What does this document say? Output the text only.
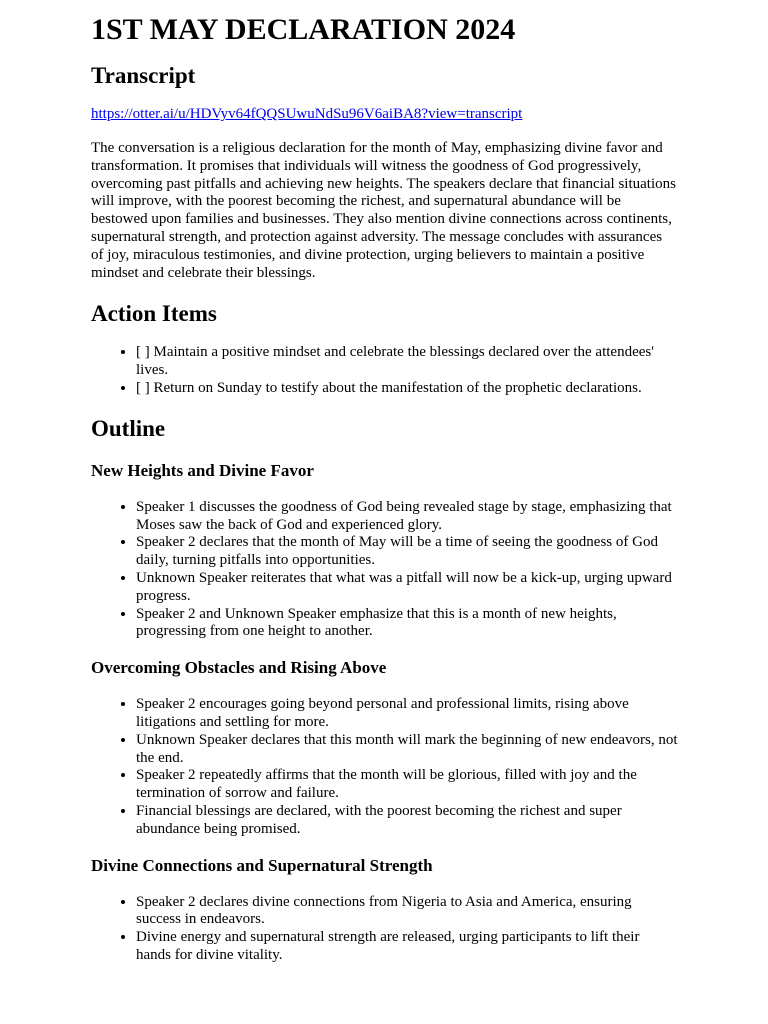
1ST MAY DECLARATION 2024
Transcript
https://otter.ai/u/HDVyv64fQQSUwuNdSu96V6aiBA8?view=transcript

The conversation is a religious declaration for the month of May, emphasizing divine favor and transformation. It promises that individuals will witness the goodness of God progressively, overcoming past pitfalls and achieving new heights. The speakers declare that financial situations will improve, with the poorest becoming the richest, and supernatural abundance will be bestowed upon families and businesses. They also mention divine connections across continents, supernatural strength, and protection against adversity. The message concludes with assurances of joy, miraculous testimonies, and divine protection, urging believers to maintain a positive mindset and celebrate their blessings.

Action Items
• [ ] Maintain a positive mindset and celebrate the blessings declared over the attendees' lives.
• [ ] Return on Sunday to testify about the manifestation of the prophetic declarations.
Outline
New Heights and Divine Favor
• Speaker 1 discusses the goodness of God being revealed stage by stage, emphasizing that Moses saw the back of God and experienced glory.
• Speaker 2 declares that the month of May will be a time of seeing the goodness of God daily, turning pitfalls into opportunities.
• Unknown Speaker reiterates that what was a pitfall will now be a kick-up, urging upward progress.
• Speaker 2 and Unknown Speaker emphasize that this is a month of new heights, progressing from one height to another.
Overcoming Obstacles and Rising Above
• Speaker 2 encourages going beyond personal and professional limits, rising above litigations and settling for more.
• Unknown Speaker declares that this month will mark the beginning of new endeavors, not the end.
• Speaker 2 repeatedly affirms that the month will be glorious, filled with joy and the termination of sorrow and failure.
• Financial blessings are declared, with the poorest becoming the richest and super abundance being promised.
Divine Connections and Supernatural Strength
• Speaker 2 declares divine connections from Nigeria to Asia and America, ensuring success in endeavors.
• Divine energy and supernatural strength are released, urging participants to lift their hands for divine vitality.
